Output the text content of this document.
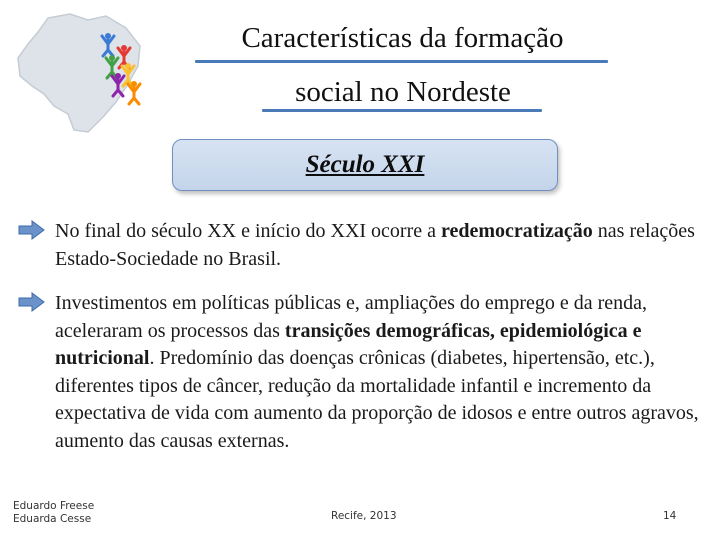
Características da formação
social no Nordeste
Século XXI
No final do século XX e início do XXI ocorre a redemocratização nas relações Estado-Sociedade no Brasil.
Investimentos em políticas públicas e, ampliações do emprego e da renda, aceleraram os processos das transições demográficas, epidemiológica e nutricional. Predomínio das doenças crônicas (diabetes, hipertensão, etc.), diferentes tipos de câncer, redução da mortalidade infantil e incremento da expectativa de vida com aumento da proporção de idosos e entre outros agravos, aumento das causas externas.
Eduardo Freese
Eduarda Cesse	Recife, 2013	14
